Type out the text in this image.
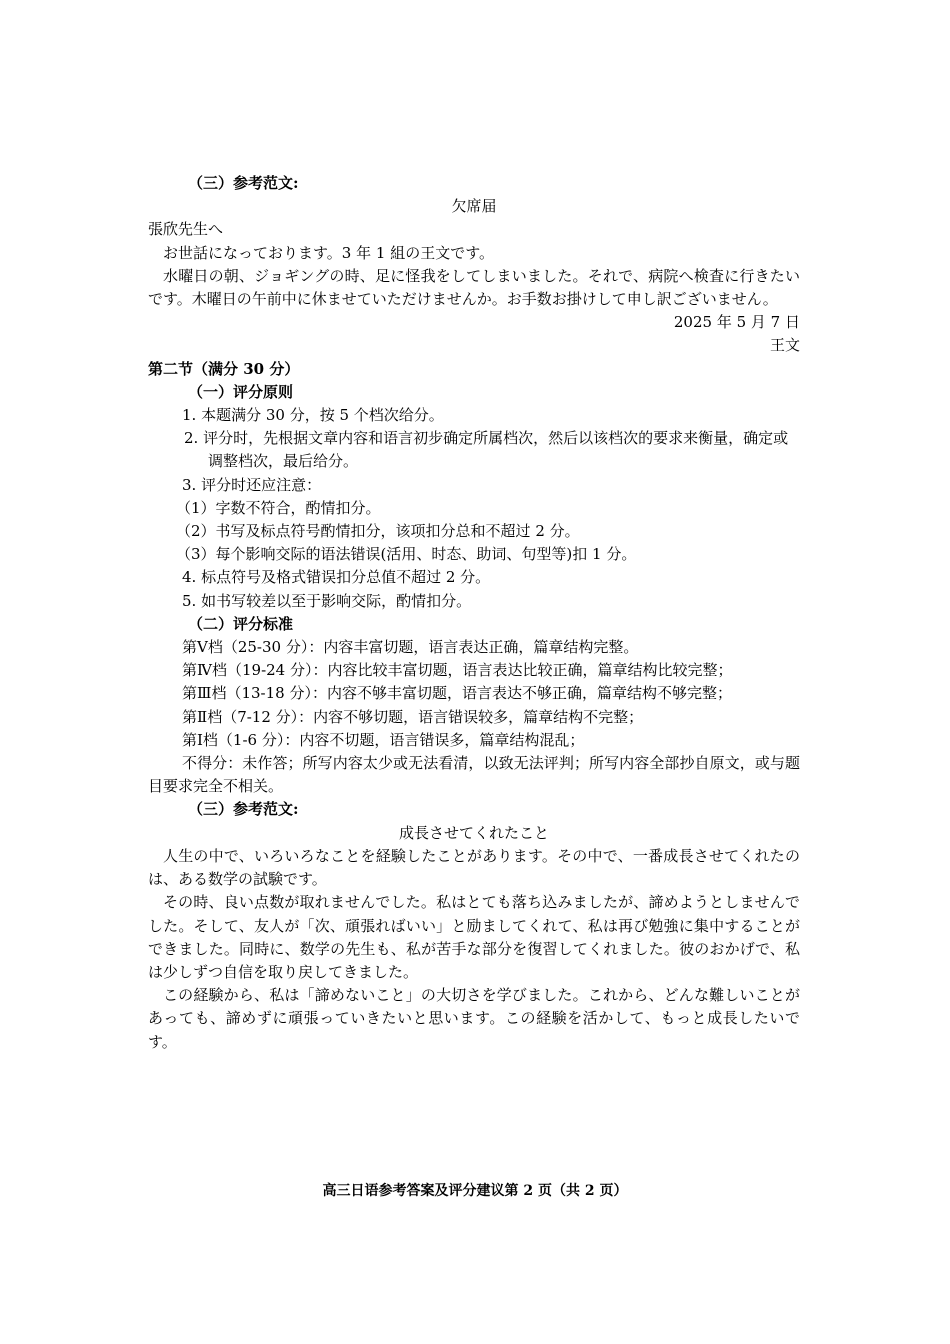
（三）参考范文:
欠席届
張欣先生へ
お世話になっております。3 年 1 組の王文です。
水曜日の朝、ジョギングの時、足に怪我をしてしまいました。それで、病院へ検査に行きたいです。木曜日の午前中に休ませていただけませんか。お手数お掛けして申し訳ございません。
2025 年 5 月 7 日
王文
第二节（满分 30 分）
（一）评分原则
1. 本题满分 30 分，按 5 个档次给分。
2. 评分时，先根据文章内容和语言初步确定所属档次，然后以该档次的要求来衡量，确定或调整档次，最后给分。
3. 评分时还应注意：
（1）字数不符合，酌情扣分。
（2）书写及标点符号酌情扣分，该项扣分总和不超过 2 分。
（3）每个影响交际的语法错误(活用、时态、助词、句型等)扣 1 分。
4. 标点符号及格式错误扣分总值不超过 2 分。
5. 如书写较差以至于影响交际，酌情扣分。
（二）评分标准
第Ⅴ档（25-30 分）：内容丰富切题，语言表达正确，篇章结构完整。
第Ⅳ档（19-24 分）：内容比较丰富切题，语言表达比较正确，篇章结构比较完整；
第Ⅲ档（13-18 分）：内容不够丰富切题，语言表达不够正确，篇章结构不够完整；
第Ⅱ档（7-12 分）：内容不够切题，语言错误较多，篇章结构不完整；
第Ⅰ档（1-6 分）：内容不切题，语言错误多，篇章结构混乱；
不得分：未作答；所写内容太少或无法看清，以致无法评判；所写内容全部抄自原文，或与题目要求完全不相关。
（三）参考范文:
成長させてくれたこと
人生の中で、いろいろなことを経験したことがあります。その中で、一番成長させてくれたのは、ある数学の試験です。
その時、良い点数が取れませんでした。私はとても落ち込みましたが、諦めようとしませんでした。そして、友人が「次、頑張ればいい」と励ましてくれて、私は再び勉強に集中することができました。同時に、数学の先生も、私が苦手な部分を復習してくれました。彼のおかげで、私は少しずつ自信を取り戻してきました。
この経験から、私は「諦めないこと」の大切さを学びました。これから、どんな難しいことがあっても、諦めずに頑張っていきたいと思います。この経験を活かして、もっと成長したいです。
高三日语参考答案及评分建议第 2 页（共 2 页）
